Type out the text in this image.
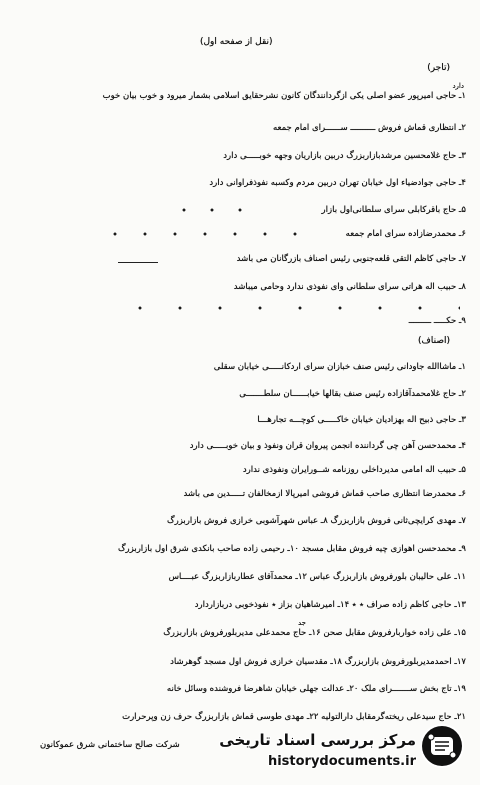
(نقل از صفحه اول)
(تاجر)
دارد
۱ـ حاجی امیرپور عضو اصلی یکی ازگردانندگان کانون نشرحقایق اسلامی بشمار میرود و خوب بیان خوب
۲ـ انتظاری قماش فروش ــــــــــ ســــــرای امام جمعه
۳ـ حاج غلامحسین مرشدبازاربزرگ دربین بازاریان وجهه خوبـــــی دارد
۴ـ حاجی جوادضیاء اول خیابان تهران دربین مردم وکسبه نفوذفراوانی دارد
۵ـ حاج باقرکابلی سرای سلطانی‌اول بازار
۶ـ محمدرضازاده سرای امام جمعه
۷ـ حاجی کاظم التقی قلعه‌جنوبی رئیس اصناف بازرگانان می باشد
۸ـ حبیب اله هراتی سرای سلطانی وای نفوذی ندارد وحامی میباشد
۹ـ حکـــــ ـــــــــ
(اصناف)
۱ـ ماشاالله جاودانی رئیس صنف خبازان سرای اردکانـــــی خیابان سقلی
۲ـ حاج غلامحمدآقازاده رئیس صنف بقالها خیابــــــان سلطـــــــی
۳ـ حاجی ذبیح اله بهزادیان خیابان خاکـــــی کوچـــه تجارهـــا
۴ـ محمدحسن آهن چی گرداننده انجمن پیروان قران ونفوذ و بیان خوبـــــی دارد
۵ـ حبیب اله امامی مدیرداخلی روزنامه شــورایران ونفوذی ندارد
۶ـ محمدرضا انتظاری صاحب قماش فروشی امیرپالا ازمخالفان تـــــدین می باشد
۷ـ مهدی کرایچی‌ثانی فروش بازاربزرگ ۸ـ عباس شهرآشوبی خرازی فروش بازاربزرگ
۹ـ محمدحسن اهوازی چیه فروش مقابل مسجد ۱۰ـ رحیمی زاده صاحب بانکدی شرق اول بازاربزرگ
۱۱ـ علی حالیبان بلورفروش بازاربزرگ عباس ۱۲ـ محمدآقای عطاربازاربزرگ عبــــاس
۱۳ـ حاجی کاظم زاده صراف ٭ ٭ ۱۴ـ امیرشاهیان بزاز ٭ نفوذخوبی دربازاردارد
جد
۱۵ـ علی زاده خواربارفروش مقابل صحن ۱۶ـ حاج محمدعلی مدیربلورفروش بازاربزرگ
۱۷ـ احمدمدیربلورفروش بازاربزرگ ۱۸ـ مقدسیان خرازی فروش اول مسجد گوهرشاد
۱۹ـ تاج بخش ســـــــرای ملک ۲۰ـ عدالت جهلی خیابان شاهرضا فروشنده وسائل خانه
۲۱ـ حاج سیدعلی ریخته‌گرمقابل دارالتولیه ۲۲ـ مهدی طوسی قماش بازاربزرگ حرف زن وپرحرارت
شرکت صالح ساختمانی شرق عموکانون	مرکز بررسی اسناد تاریخی
historydocuments.ir
